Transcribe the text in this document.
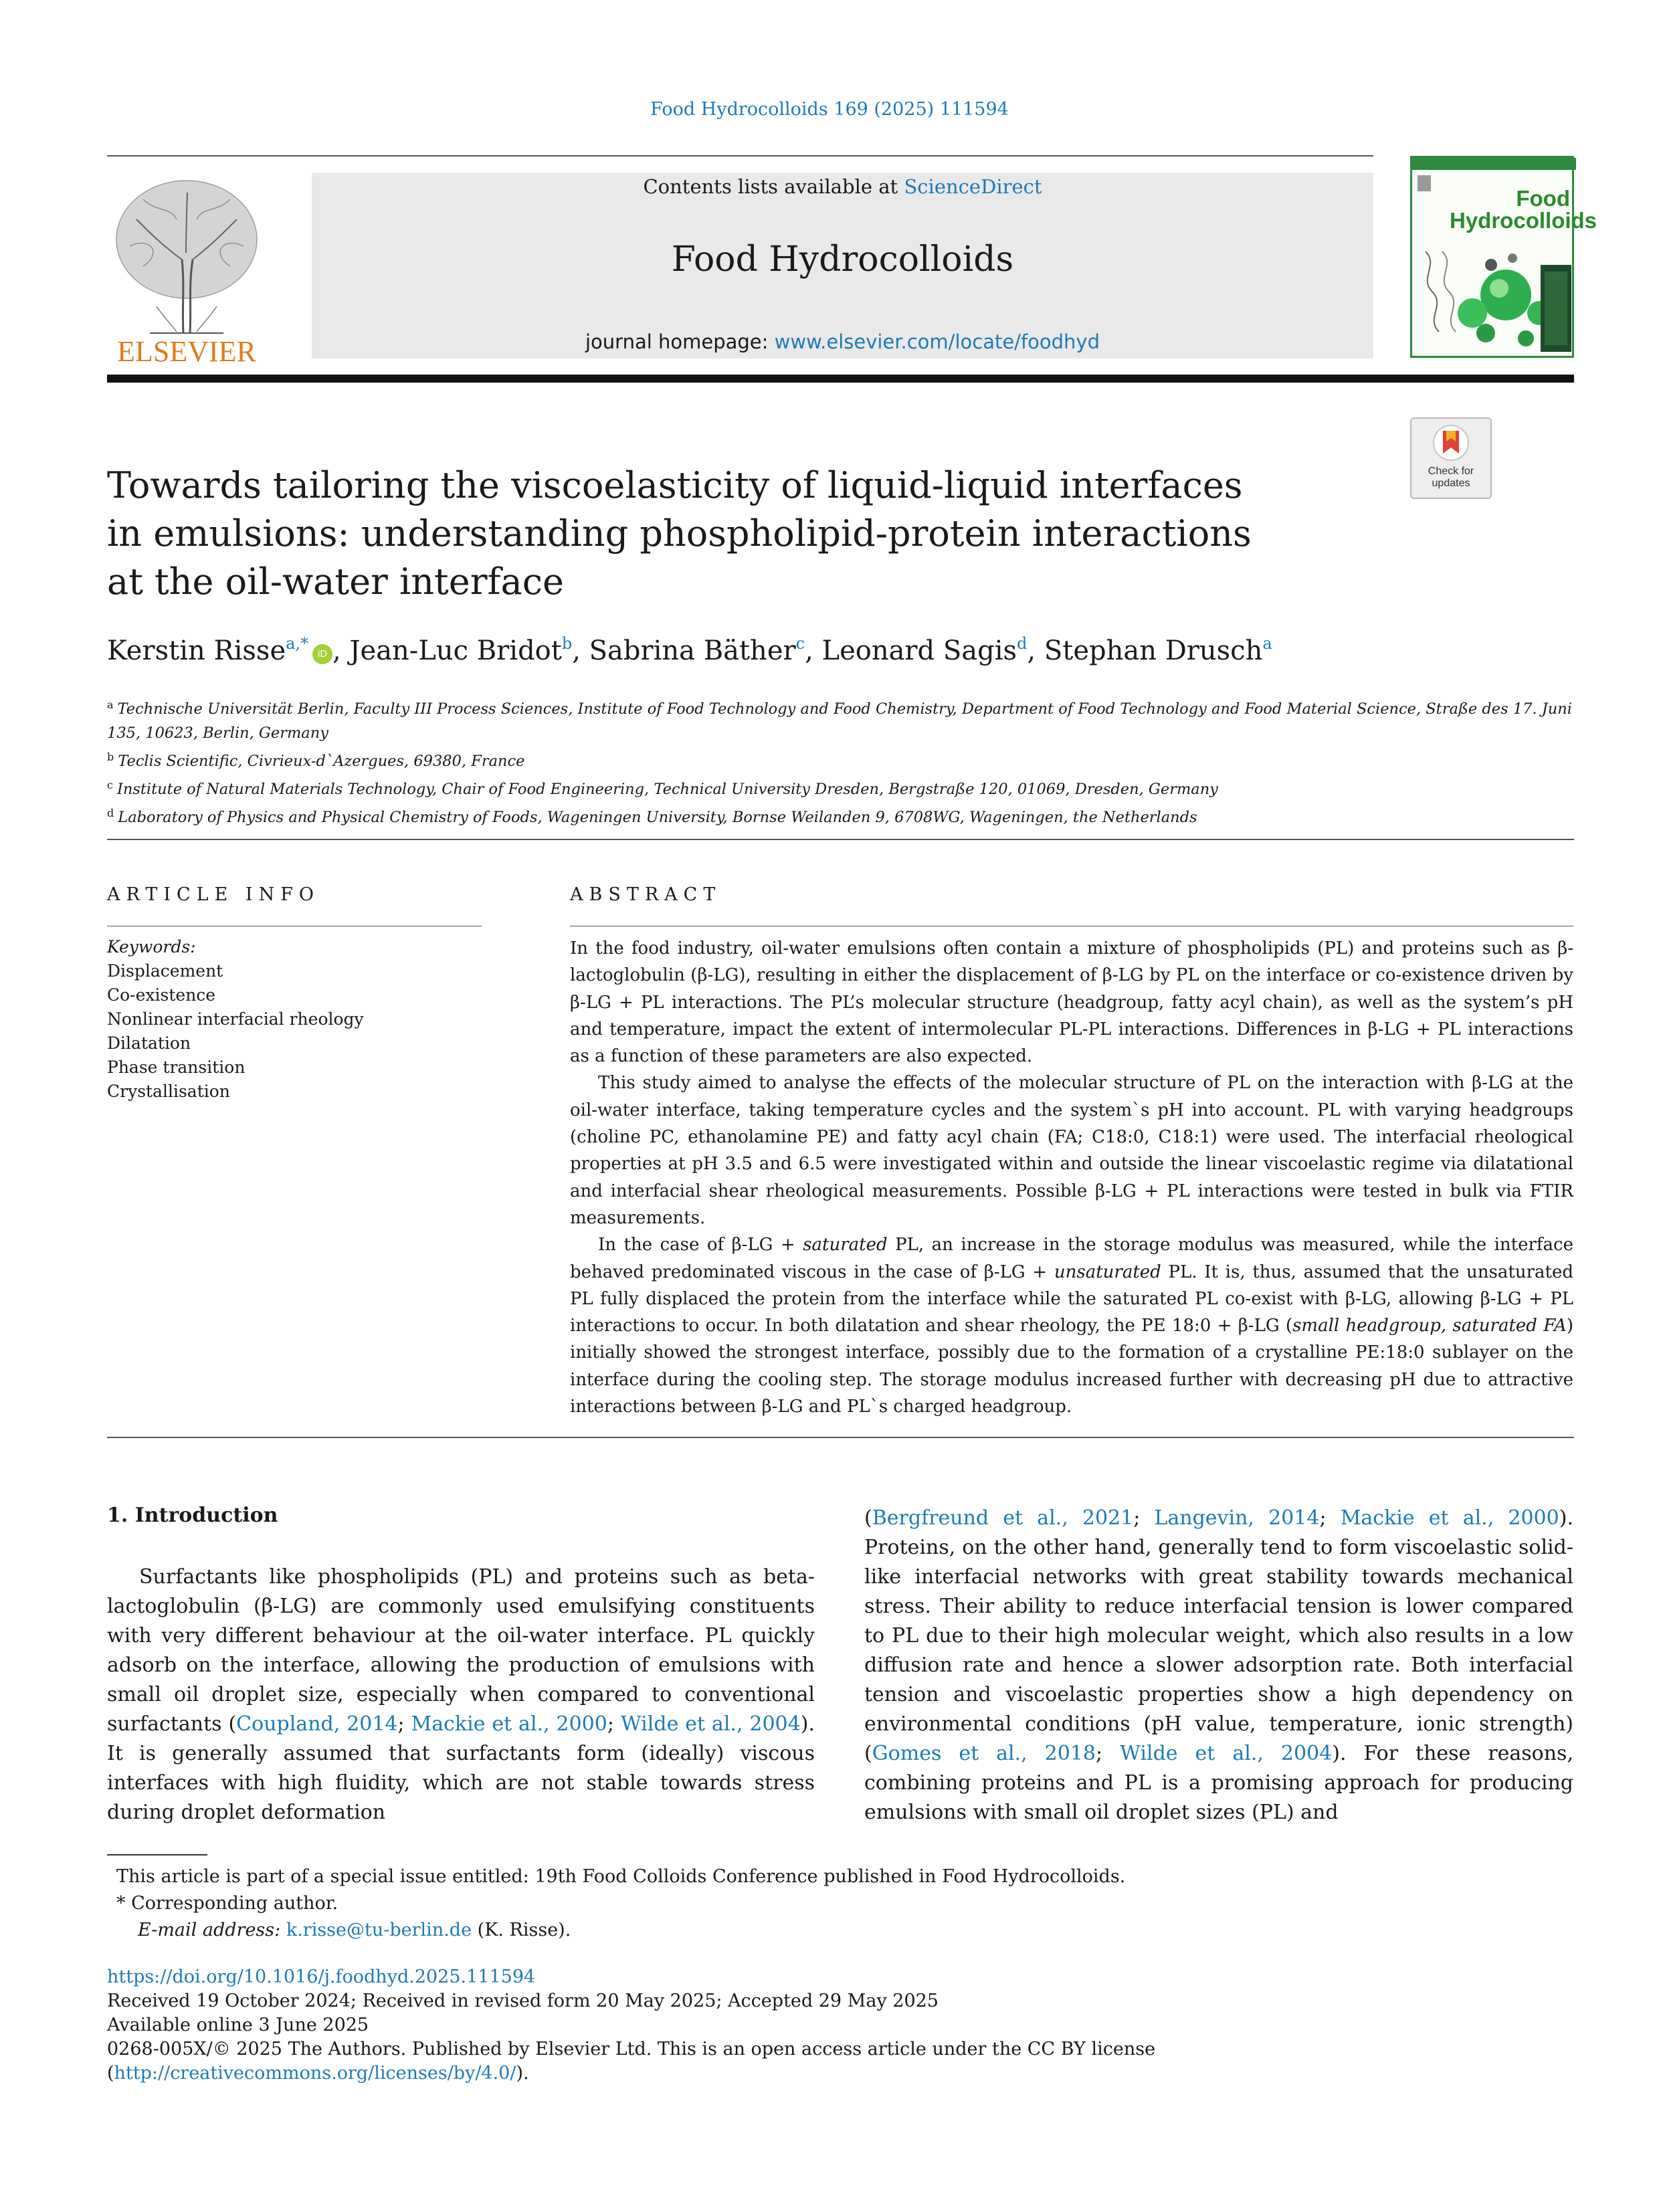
Food Hydrocolloids 169 (2025) 111594
ELSEVIER
Contents lists available at ScienceDirect
Food Hydrocolloids
journal homepage: www.elsevier.com/locate/foodhyd
Food
Hydrocolloids
Check for
updates
Towards tailoring the viscoelasticity of liquid-liquid interfaces in emulsions: understanding phospholipid-protein interactions at the oil-water interface
Kerstin Risse$^{a,*}$iD , Jean-Luc Bridot$^b$, Sabrina Bäther$^c$, Leonard Sagis$^d$, Stephan Drusch$^a$
$^a$ Technische Universität Berlin, Faculty III Process Sciences, Institute of Food Technology and Food Chemistry, Department of Food Technology and Food Material Science, Straße des 17. Juni 135, 10623, Berlin, Germany
$^b$ Teclis Scientific, Civrieux-d`Azergues, 69380, France
$^c$ Institute of Natural Materials Technology, Chair of Food Engineering, Technical University Dresden, Bergstraße 120, 01069, Dresden, Germany
$^d$ Laboratory of Physics and Physical Chemistry of Foods, Wageningen University, Bornse Weilanden 9, 6708WG, Wageningen, the Netherlands
ARTICLE INFO	ABSTRACT
Keywords:
Displacement
Co-existence
Nonlinear interfacial rheology
Dilatation
Phase transition
Crystallisation

In the food industry, oil-water emulsions often contain a mixture of phospholipids (PL) and proteins such as β-lactoglobulin (β-LG), resulting in either the displacement of β-LG by PL on the interface or co-existence driven by β-LG + PL interactions. The PL’s molecular structure (headgroup, fatty acyl chain), as well as the system’s pH and temperature, impact the extent of intermolecular PL-PL interactions. Differences in β-LG + PL interactions as a function of these parameters are also expected.

This study aimed to analyse the effects of the molecular structure of PL on the interaction with β-LG at the oil-water interface, taking temperature cycles and the system`s pH into account. PL with varying headgroups (choline PC, ethanolamine PE) and fatty acyl chain (FA; C18:0, C18:1) were used. The interfacial rheological properties at pH 3.5 and 6.5 were investigated within and outside the linear viscoelastic regime via dilatational and interfacial shear rheological measurements. Possible β-LG + PL interactions were tested in bulk via FTIR measurements.

In the case of β-LG + saturated PL, an increase in the storage modulus was measured, while the interface behaved predominated viscous in the case of β-LG + unsaturated PL. It is, thus, assumed that the unsaturated PL fully displaced the protein from the interface while the saturated PL co-exist with β-LG, allowing β-LG + PL interactions to occur. In both dilatation and shear rheology, the PE 18:0 + β-LG (small headgroup, saturated FA) initially showed the strongest interface, possibly due to the formation of a crystalline PE:18:0 sublayer on the interface during the cooling step. The storage modulus increased further with decreasing pH due to attractive interactions between β-LG and PL`s charged headgroup.

1. Introduction
Surfactants like phospholipids (PL) and proteins such as beta-lactoglobulin (β-LG) are commonly used emulsifying constituents with very different behaviour at the oil-water interface. PL quickly adsorb on the interface, allowing the production of emulsions with small oil droplet size, especially when compared to conventional surfactants (Coupland, 2014; Mackie et al., 2000; Wilde et al., 2004). It is generally assumed that surfactants form (ideally) viscous interfaces with high fluidity, which are not stable towards stress during droplet deformation
(Bergfreund et al., 2021; Langevin, 2014; Mackie et al., 2000). Proteins, on the other hand, generally tend to form viscoelastic solid-like interfacial networks with great stability towards mechanical stress. Their ability to reduce interfacial tension is lower compared to PL due to their high molecular weight, which also results in a low diffusion rate and hence a slower adsorption rate. Both interfacial tension and viscoelastic properties show a high dependency on environmental conditions (pH value, temperature, ionic strength) (Gomes et al., 2018; Wilde et al., 2004). For these reasons, combining proteins and PL is a promising approach for producing emulsions with small oil droplet sizes (PL) and
This article is part of a special issue entitled: 19th Food Colloids Conference published in Food Hydrocolloids.
* Corresponding author.
E-mail address: k.risse@tu-berlin.de (K. Risse).
https://doi.org/10.1016/j.foodhyd.2025.111594
Received 19 October 2024; Received in revised form 20 May 2025; Accepted 29 May 2025
Available online 3 June 2025
0268-005X/© 2025 The Authors. Published by Elsevier Ltd. This is an open access article under the CC BY license (http://creativecommons.org/licenses/by/4.0/).
